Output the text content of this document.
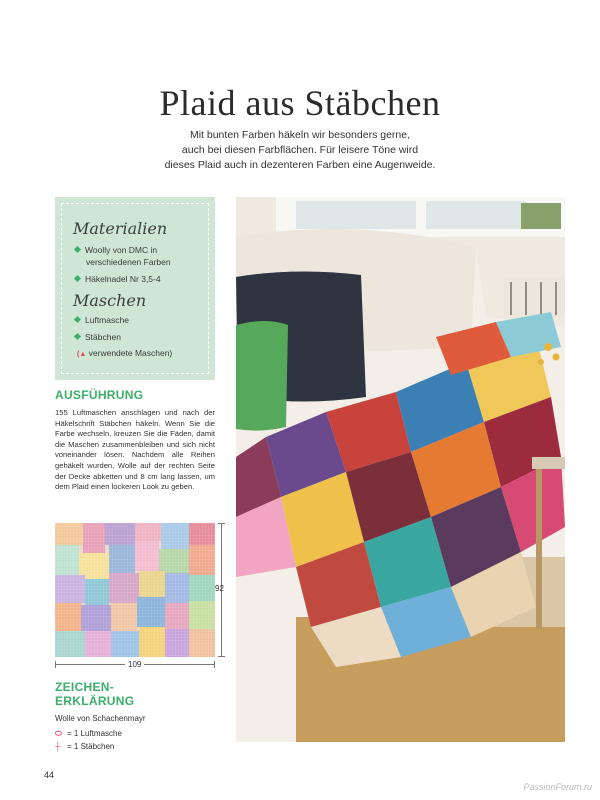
Plaid aus Stäbchen
Mit bunten Farben häkeln wir besonders gerne,
auch bei diesen Farbflächen. Für leisere Töne wird
dieses Plaid auch in dezenteren Farben eine Augenweide.
Materialien
Woolly von DMC in
verschiedenen Farben
Häkelnadel Nr 3,5-4
Maschen
Luftmasche
Stäbchen
(▲ verwendete Maschen)
AUSFÜHRUNG
155 Luftmaschen anschlagen und nach der Häkelschrift Stäbchen häkeln. Wenn Sie die Farbe wechseln, kreuzen Sie die Fäden, damit die Maschen zusammenbleiben und sich nicht voneinander lösen. Nachdem alle Reihen gehäkelt wurden, Wolle auf der rechten Seite der Decke abketten und 8 cm lang lassen, um dem Plaid einen lockeren Look zu geben.
92
109
ZEICHEN-
ERKLÄRUNG
Wolle von Schachenmayr
⬭ = 1 Luftmasche
┼ = 1 Stäbchen
44
PassionForum.ru
